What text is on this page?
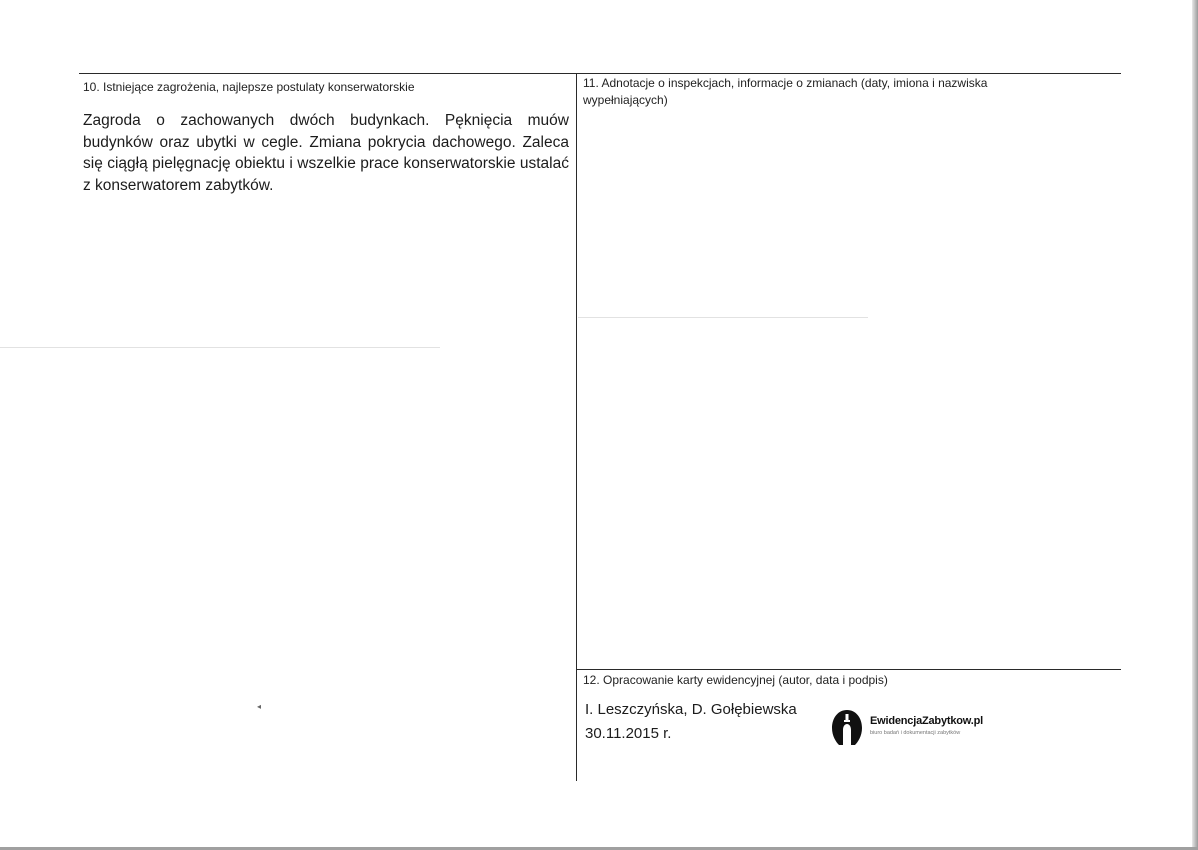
10. Istniejące zagrożenia, najlepsze postulaty konserwatorskie
Zagroda o zachowanych dwóch budynkach. Pęknięcia muów budynków oraz ubytki w cegle. Zmiana pokrycia dachowego. Zaleca się ciągłą pielęgnację obiektu i wszelkie prace konserwatorskie ustalać z konserwatorem zabytków.
11. Adnotacje o inspekcjach, informacje o zmianach (daty, imiona i nazwiska wypełniających)
12. Opracowanie karty ewidencyjnej (autor, data i podpis)
I. Leszczyńska, D. Gołębiewska
30.11.2015 r.
EwidencjaZabytkow.pl
biuro badań i dokumentacji zabytków
◂
